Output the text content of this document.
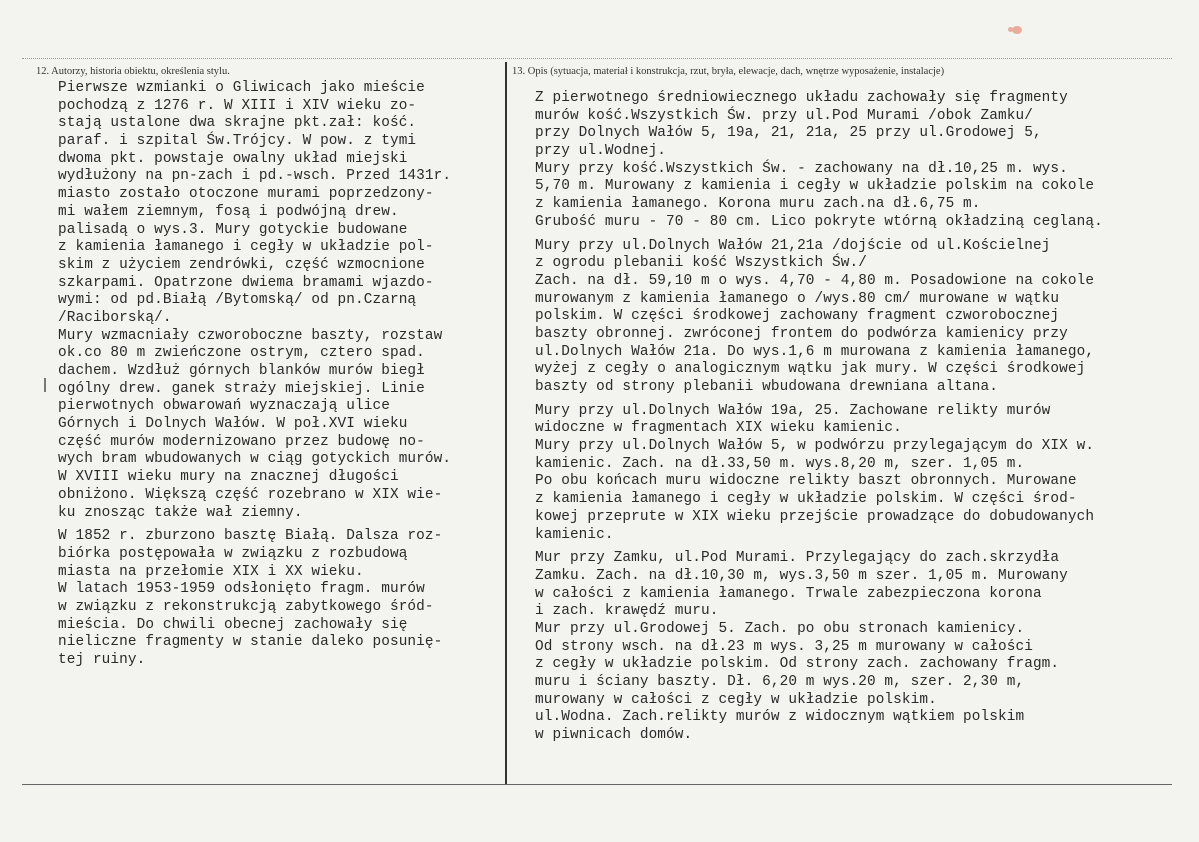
12. Autorzy, historia obiektu, określenia stylu.	13. Opis (sytuacja, materiał i konstrukcja, rzut, bryła, elewacje, dach, wnętrze wyposażenie, instalacje)
Pierwsze wzmianki o Gliwicach jako mieście
pochodzą z 1276 r. W XIII i XIV wieku zo-
stają ustalone dwa skrajne pkt.zał: kość.
paraf. i szpital Św.Trójcy. W pow. z tymi
dwoma pkt. powstaje owalny układ miejski
wydłużony na pn-zach i pd.-wsch. Przed 1431r.
miasto zostało otoczone murami poprzedzony-
mi wałem ziemnym, fosą i podwójną drew.
palisadą o wys.3. Mury gotyckie budowane
z kamienia łamanego i cegły w układzie pol-
skim z użyciem zendrówki, część wzmocnione
szkarpami. Opatrzone dwiema bramami wjazdo-
wymi: od pd.Białą /Bytomską/ od pn.Czarną
/Raciborską/.
Mury wzmacniały czworoboczne baszty, rozstaw
ok.co 80 m zwieńczone ostrym, cztero spad.
dachem. Wzdłuż górnych blanków murów biegł
ogólny drew. ganek straży miejskiej. Linie
pierwotnych obwarowań wyznaczają ulice
Górnych i Dolnych Wałów. W poł.XVI wieku
część murów modernizowano przez budowę no-
wych bram wbudowanych w ciąg gotyckich murów.
W XVIII wieku mury na znacznej długości
obniżono. Większą część rozebrano w XIX wie-
ku znosząc także wał ziemny.
W 1852 r. zburzono basztę Białą. Dalsza roz-
biórka postępowała w związku z rozbudową
miasta na przełomie XIX i XX wieku.
W latach 1953-1959 odsłonięto fragm. murów
w związku z rekonstrukcją zabytkowego śród-
mieścia. Do chwili obecnej zachowały się
nieliczne fragmenty w stanie daleko posunię-
tej ruiny.
Z pierwotnego średniowiecznego układu zachowały się fragmenty
murów kość.Wszystkich Św. przy ul.Pod Murami /obok Zamku/
przy Dolnych Wałów 5, 19a, 21, 21a, 25 przy ul.Grodowej 5,
przy ul.Wodnej.
Mury przy kość.Wszystkich Św. - zachowany na dł.10,25 m. wys.
5,70 m. Murowany z kamienia i cegły w układzie polskim na cokole
z kamienia łamanego. Korona muru zach.na dł.6,75 m.
Grubość muru - 70 - 80 cm. Lico pokryte wtórną okładziną ceglaną.
Mury przy ul.Dolnych Wałów 21,21a /dojście od ul.Kościelnej
z ogrodu plebanii kość Wszystkich Św./
Zach. na dł. 59,10 m o wys. 4,70 - 4,80 m. Posadowione na cokole
murowanym z kamienia łamanego o /wys.80 cm/ murowane w wątku
polskim. W części środkowej zachowany fragment czworobocznej
baszty obronnej. zwróconej frontem do podwórza kamienicy przy
ul.Dolnych Wałów 21a. Do wys.1,6 m murowana z kamienia łamanego,
wyżej z cegły o analogicznym wątku jak mury. W części środkowej
baszty od strony plebanii wbudowana drewniana altana.
Mury przy ul.Dolnych Wałów 19a, 25. Zachowane relikty murów
widoczne w fragmentach XIX wieku kamienic.
Mury przy ul.Dolnych Wałów 5, w podwórzu przylegającym do XIX w.
kamienic. Zach. na dł.33,50 m. wys.8,20 m, szer. 1,05 m.
Po obu końcach muru widoczne relikty baszt obronnych. Murowane
z kamienia łamanego i cegły w układzie polskim. W części środ-
kowej przeprute w XIX wieku przejście prowadzące do dobudowanych
kamienic.
Mur przy Zamku, ul.Pod Murami. Przylegający do zach.skrzydła
Zamku. Zach. na dł.10,30 m, wys.3,50 m szer. 1,05 m. Murowany
w całości z kamienia łamanego. Trwale zabezpieczona korona
i zach. krawędź muru.
Mur przy ul.Grodowej 5. Zach. po obu stronach kamienicy.
Od strony wsch. na dł.23 m wys. 3,25 m murowany w całości
z cegły w układzie polskim. Od strony zach. zachowany fragm.
muru i ściany baszty. Dł. 6,20 m wys.20 m, szer. 2,30 m,
murowany w całości z cegły w układzie polskim.
ul.Wodna. Zach.relikty murów z widocznym wątkiem polskim
w piwnicach domów.
